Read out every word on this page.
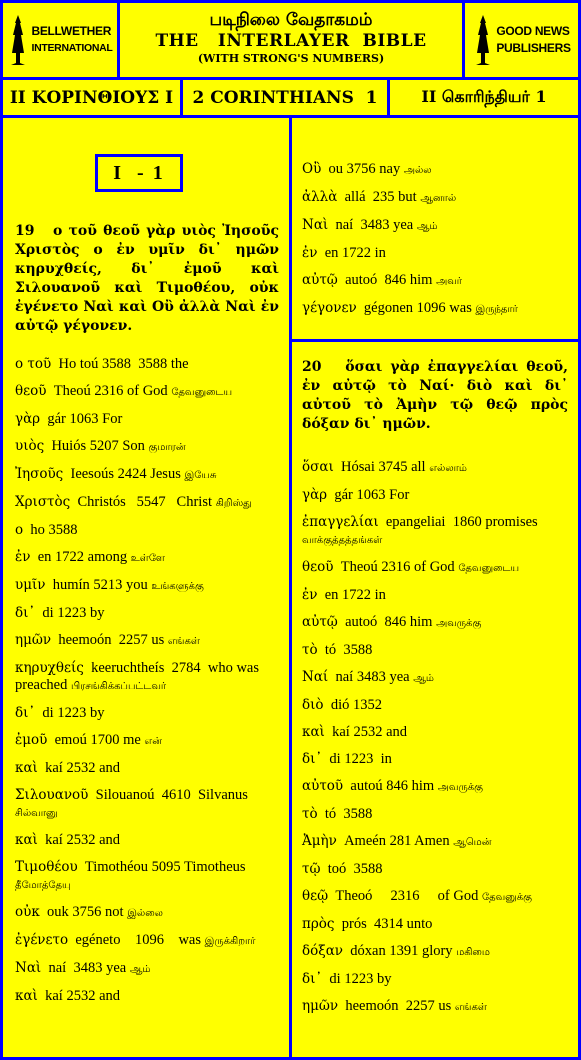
BELLWETHER
INTERNATIONAL
படிநிலை வேதாகமம்
THE   INTERLAYER  BIBLE
(WITH STRONG'S NUMBERS)
GOOD NEWS
PUBLISHERS
II ΚΟΡΙΝΘΙΟΥΣ Ι	2 CORINTHIANS  1	II கொரிந்தியர் 1
I  - 1
19   ο τοῦ θεοῦ γὰρ υιὸς Ἰησοῦς Χριστὸς ο ἐν υμῖν δι᾽ ημῶν κηρυχθείς, δι᾽ ἐμοῦ καὶ Σιλουανοῦ καὶ Τιμοθέου, οὐκ ἐγένετο Ναὶ καὶ Οὒ ἀλλὰ Ναὶ ἐν αὐτῷ γέγονεν.
ο τοῦ  Ho toú 3588  3588 the
θεοῦ  Theoú 2316 of God தேவனுடைய
γὰρ  gár 1063 For
υιὸς  Huiós 5207 Son குமாரன்
Ἰησοῦς  Ieesoús 2424 Jesus இயேசு
Χριστὸς  Christós   5547   Christ கிறிஸ்து
ο  ho 3588
ἐν  en 1722 among உள்ளே
υμῖν  humín 5213 you உங்களுக்கு
δι᾽  di 1223 by
ημῶν  heemoón  2257 us எங்கள்
κηρυχθείς  keeruchtheís  2784  who was preached பிரசங்கிக்கப்பட்டவர்
δι᾽  di 1223 by
ἐμοῦ  emoú 1700 me என்
καὶ  kaí 2532 and
Σιλουανοῦ  Silouanoú  4610  Silvanus சில்வானு
καὶ  kaí 2532 and
Τιμοθέου  Timothéou 5095 Timotheus தீமோத்தேயு
οὐκ  ouk 3756 not இல்லை
ἐγένετο  egéneto    1096    was இருக்கிறார்
Ναὶ  naí  3483 yea ஆம்
καὶ  kaí 2532 and
Οὒ  ou 3756 nay அல்ல
ἀλλὰ  allá  235 but ஆனால்
Ναὶ  naí  3483 yea ஆம்
ἐν  en 1722 in
αὐτῷ  autoó  846 him அவர்
γέγονεν  gégonen 1096 was இருந்தார்
20   ὅσαι γὰρ ἐπαγγελίαι θεοῦ, ἐν αὐτῷ τὸ Ναί· διὸ καὶ δι᾽ αὐτοῦ τὸ Ἀμὴν τῷ θεῷ πρὸς δόξαν δι᾽ ημῶν.
ὅσαι  Hósai 3745 all எல்லாம்
γὰρ  gár 1063 For
ἐπαγγελίαι  epangeliai  1860 promises வாக்குத்தத்தங்கள்
θεοῦ  Theoú 2316 of God தேவனுடைய
ἐν  en 1722 in
αὐτῷ  autoó  846 him அவருக்கு
τὸ  tó  3588
Ναί  naí 3483 yea ஆம்
διὸ  dió 1352
καὶ  kaí 2532 and
δι᾽  di 1223  in
αὐτοῦ  autoú 846 him அவருக்கு
τὸ  tó  3588
Ἀμὴν  Ameén 281 Amen ஆமென்
τῷ  toó  3588
θεῷ  Theoó     2316     of God தேவனுக்கு
πρὸς  prós  4314 unto
δόξαν  dóxan 1391 glory மகிமை
δι᾽  di 1223 by
ημῶν  heemoón  2257 us எங்கள்
